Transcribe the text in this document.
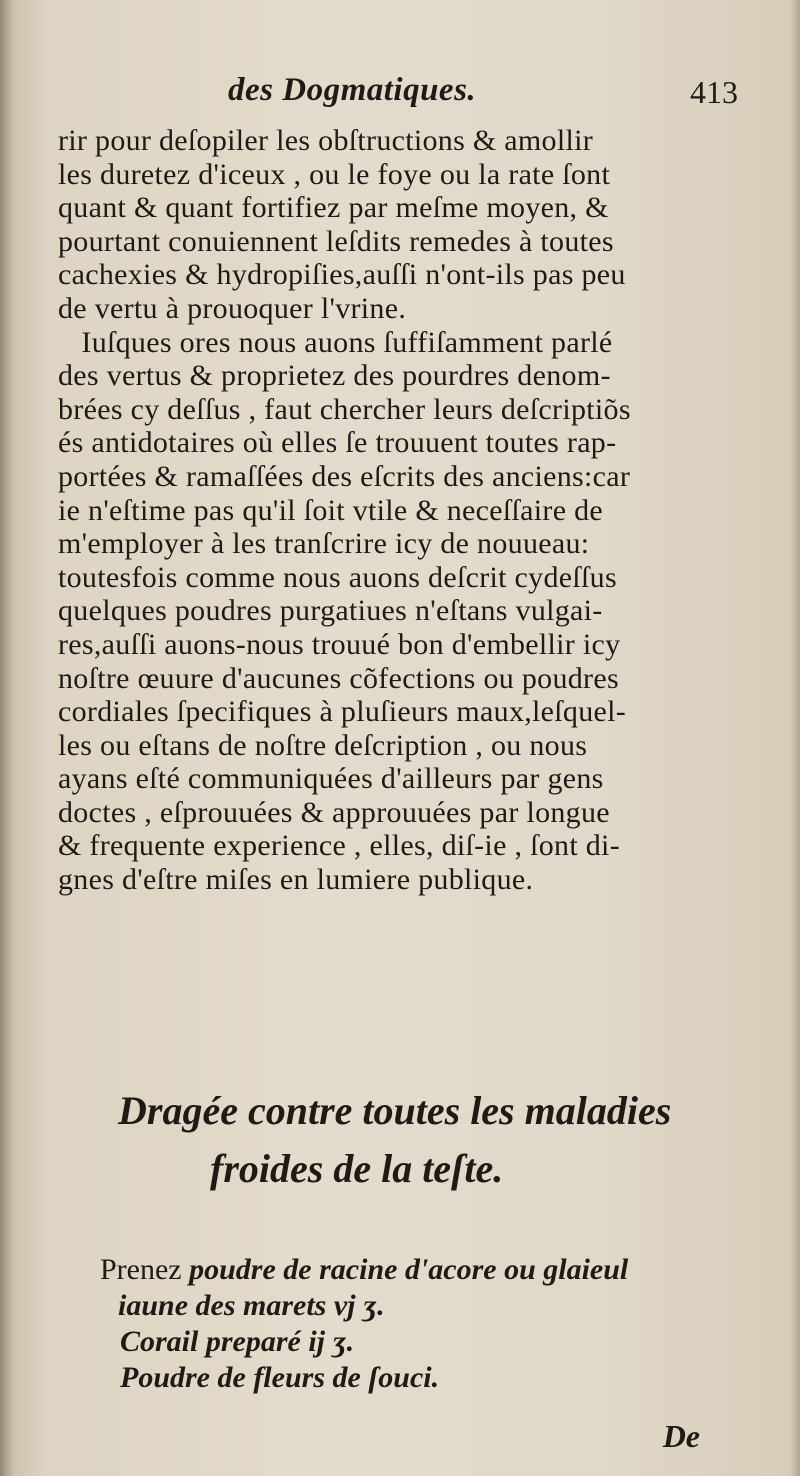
des Dogmatiques.	413
rir pour deſopiler les obſtructions & amollir
les duretez d'iceux , ou le foye ou la rate ſont
quant & quant fortifiez par meſme moyen, &
pourtant conuiennent leſdits remedes à toutes
cachexies & hydropiſies,auſſi n'ont-ils pas peu
de vertu à prouoquer l'vrine.
Iuſques ores nous auons ſuffiſamment parlé
des vertus & proprietez des pourdres denom-
brées cy deſſus , faut chercher leurs deſcriptiõs
és antidotaires où elles ſe trouuent toutes rap-
portées & ramaſſées des eſcrits des anciens:car
ie n'eſtime pas qu'il ſoit vtile & neceſſaire de
m'employer à les tranſcrire icy de nouueau:
toutesfois comme nous auons deſcrit cydeſſus
quelques poudres purgatiues n'eſtans vulgai-
res,auſſi auons-nous trouué bon d'embellir icy
noſtre œuure d'aucunes cõfections ou poudres
cordiales ſpecifiques à pluſieurs maux,leſquel-
les ou eſtans de noſtre deſcription , ou nous
ayans eſté communiquées d'ailleurs par gens
doctes , eſprouuées & approuuées par longue
& frequente experience , elles, diſ-ie , ſont di-
gnes d'eſtre miſes en lumiere publique.
Dragée contre toutes les maladies
froides de la teſte.
Prenez poudre de racine d'acore ou glaieul
iaune des marets vj ʒ.
Corail preparé ij ʒ.
Poudre de fleurs de ſouci.
De
